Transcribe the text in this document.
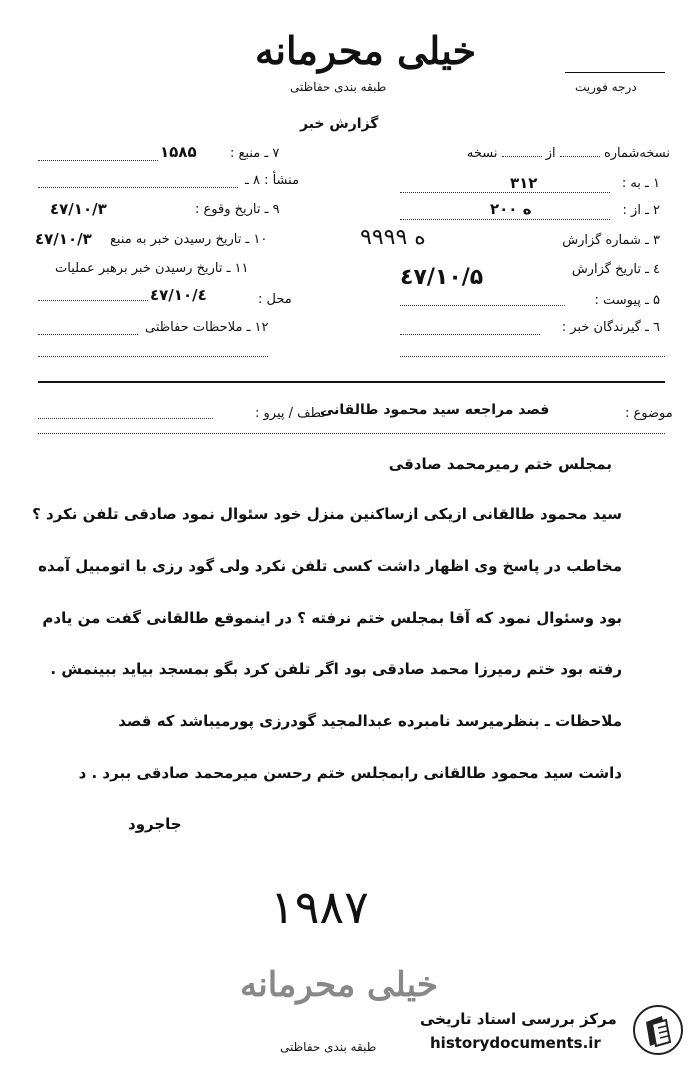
خیلی محرمانه
طبقه بندی حفاظتی	درجه فوریت
گزارش خبر
نسخه‌شماره  از  نسخه
۱ ـ به :
۳۱۲
۲ ـ از :
۲۰۰ ه
۳ ـ شماره گزارش
۹۹۹۹ ه
٤ ـ تاریخ گزارش
٤۷/۱۰/۵
۵ ـ پیوست :
٦ ـ گیرندگان خبر :
۷ ـ منبع :
۱۵۸۵
منشأ : ۸ ـ
۹ ـ تاریخ وقوع :
٤۷/۱۰/۳
۱۰ ـ تاریخ رسیدن خبر به منبع
٤۷/۱۰/۳
۱۱ ـ تاریخ رسیدن خبر برهبر عملیات
محل :
٤۷/۱۰/٤
۱۲ ـ ملاحظات حفاظتی
موضوع :
فصد مراجعه سید محمود طالقانی
عطف / پیرو :
بمجلس ختم‌ رمیرمحمد صادقی
سید محمود طالقانی ازیکی ازساکنین منزل خود سئوال نمود صادقی تلفن نکرد ؟
مخاطب در پاسخ وی اظهار داشت کسی تلفن نکرد ولی گود رزی با اتومبیل آمده
بود وسئوال نمود که آقا بمجلس ختم نرفته ؟ در اینموقع طالقانی گفت من یادم
رفته بود ختم رمیرزا محمد صادقی بود اگر تلفن کرد بگو بمسجد بیاید ببینمش .
ملاحظات ـ بنظرمیرسد نامبرده عبدالمجید گودرزی پورمیباشد که قصد
داشت سید محمود طالقانی رابمجلس ختم رحسن میرمحمد صادقی ببرد . د
جاجرود
۱۹۸۷
خیلی محرمانه
طبقه بندی حفاظتی
مرکز بررسی اسناد تاریخی
historydocuments.ir
